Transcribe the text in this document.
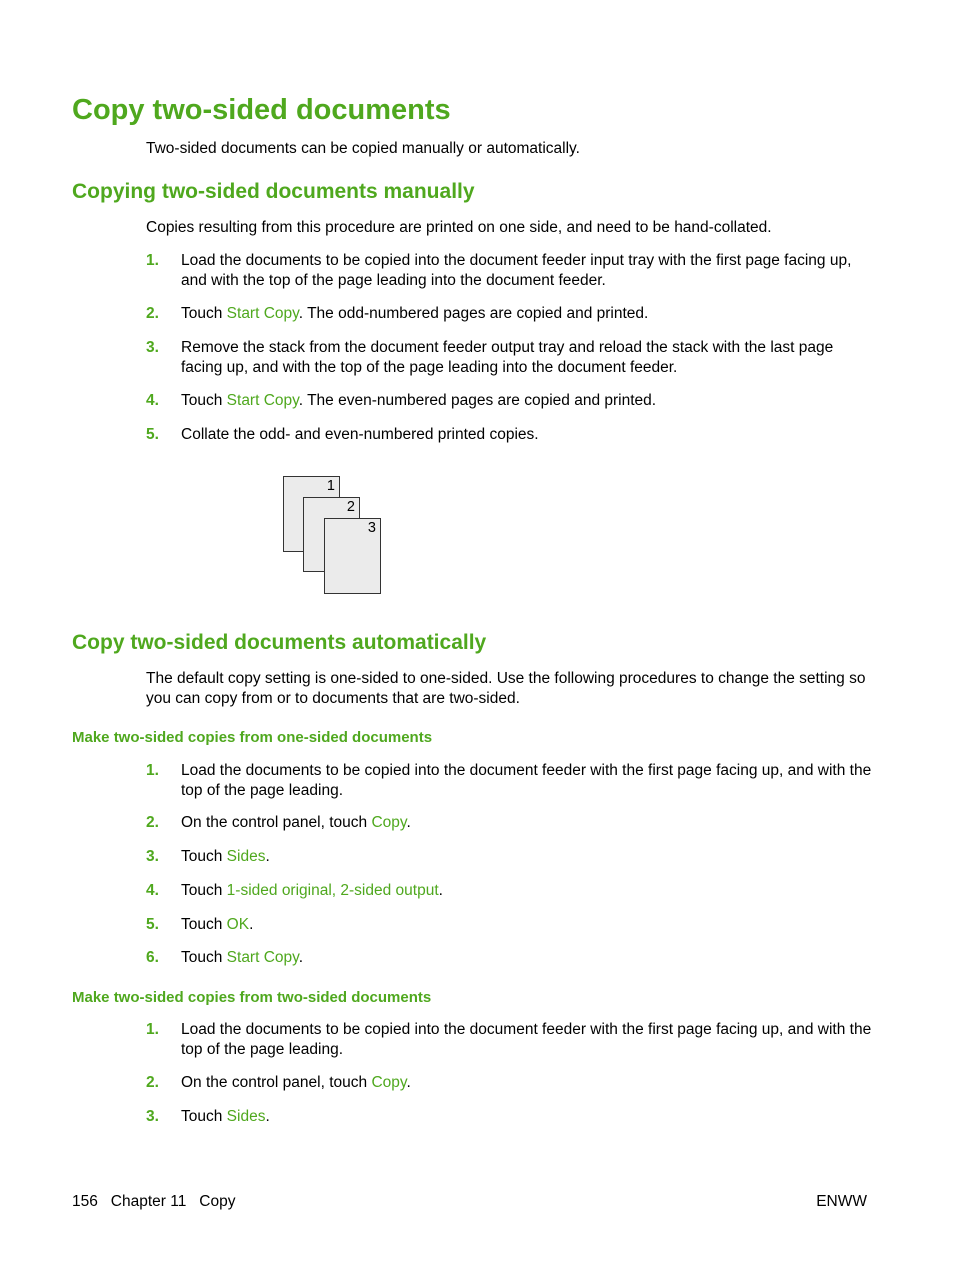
Copy two-sided documents
Two-sided documents can be copied manually or automatically.
Copying two-sided documents manually
Copies resulting from this procedure are printed on one side, and need to be hand-collated.
1.	Load the documents to be copied into the document feeder input tray with the first page facing up, and with the top of the page leading into the document feeder.
2.	Touch Start Copy. The odd-numbered pages are copied and printed.
3.	Remove the stack from the document feeder output tray and reload the stack with the last page facing up, and with the top of the page leading into the document feeder.
4.	Touch Start Copy. The even-numbered pages are copied and printed.
5.	Collate the odd- and even-numbered printed copies.
1
2
3
Copy two-sided documents automatically
The default copy setting is one-sided to one-sided. Use the following procedures to change the setting so you can copy from or to documents that are two-sided.
Make two-sided copies from one-sided documents
1.	Load the documents to be copied into the document feeder with the first page facing up, and with the top of the page leading.
2.	On the control panel, touch Copy.
3.	Touch Sides.
4.	Touch 1-sided original, 2-sided output.
5.	Touch OK.
6.	Touch Start Copy.
Make two-sided copies from two-sided documents
1.	Load the documents to be copied into the document feeder with the first page facing up, and with the top of the page leading.
2.	On the control panel, touch Copy.
3.	Touch Sides.
156 Chapter 11 Copy	ENWW
